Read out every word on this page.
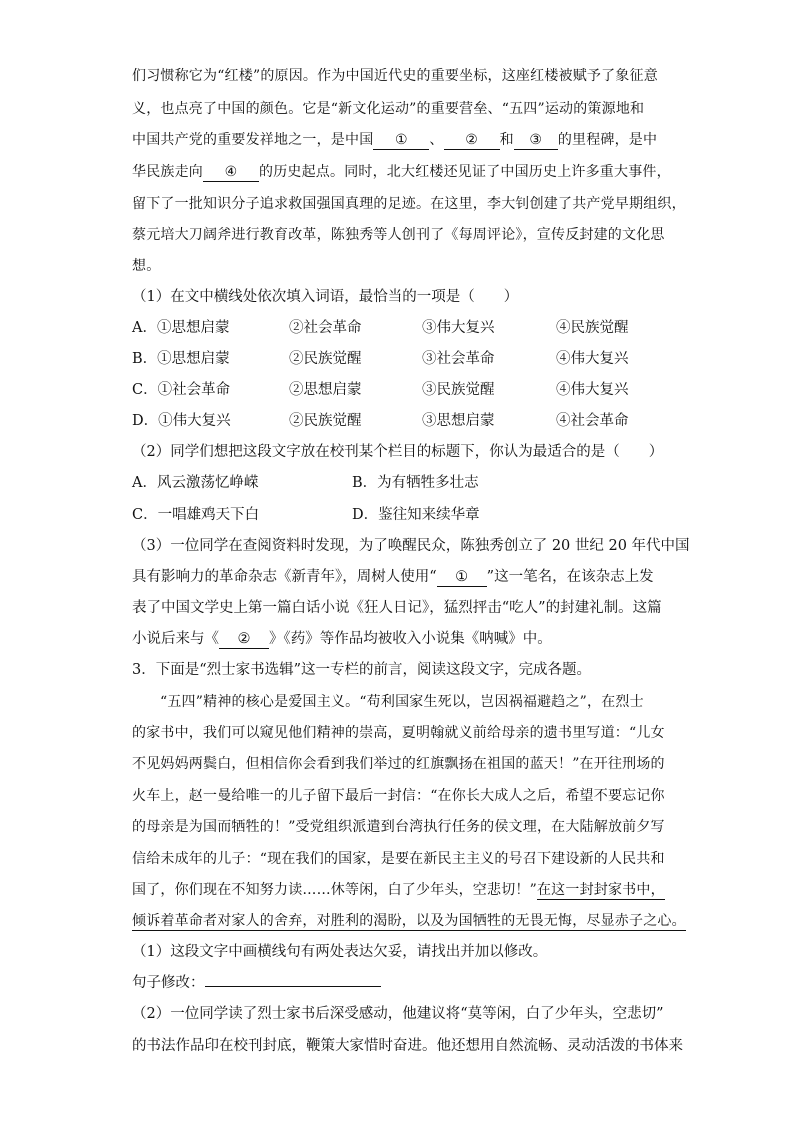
们习惯称它为“红楼”的原因。作为中国近代史的重要坐标，这座红楼被赋予了象征意
义，也点亮了中国的颜色。它是“新文化运动”的重要营垒、“五四”运动的策源地和
中国共产党的重要发祥地之一，是中国 ① 、 ② 和 ③ 的里程碑，是中
华民族走向 ④ 的历史起点。同时，北大红楼还见证了中国历史上许多重大事件，
留下了一批知识分子追求救国强国真理的足迹。在这里，李大钊创建了共产党早期组织，
蔡元培大刀阔斧进行教育改革，陈独秀等人创刊了《每周评论》，宣传反封建的文化思
想。
（1）在文中横线处依次填入词语，最恰当的一项是（　　）
A．①思想启蒙	②社会革命	③伟大复兴	④民族觉醒
B．①思想启蒙	②民族觉醒	③社会革命	④伟大复兴
C．①社会革命	②思想启蒙	③民族觉醒	④伟大复兴
D．①伟大复兴	②民族觉醒	③思想启蒙	④社会革命
（2）同学们想把这段文字放在校刊某个栏目的标题下，你认为最适合的是（　　）
A．风云激荡忆峥嵘	B．为有牺牲多壮志
C．一唱雄鸡天下白	D．鉴往知来续华章
（3）一位同学在查阅资料时发现，为了唤醒民众，陈独秀创立了 20 世纪 20 年代中国
具有影响力的革命杂志《新青年》，周树人使用“ ① ”这一笔名，在该杂志上发
表了中国文学史上第一篇白话小说《狂人日记》，猛烈抨击“吃人”的封建礼制。这篇
小说后来与《 ② 》《药》等作品均被收入小说集《呐喊》中。
3．下面是“烈士家书选辑”这一专栏的前言，阅读这段文字，完成各题。
“五四”精神的核心是爱国主义。“苟利国家生死以，岂因祸福避趋之”，在烈士
的家书中，我们可以窥见他们精神的崇高，夏明翰就义前给母亲的遗书里写道：“儿女
不见妈妈两鬓白，但相信你会看到我们举过的红旗飘扬在祖国的蓝天！”在开往刑场的
火车上，赵一曼给唯一的儿子留下最后一封信：“在你长大成人之后，希望不要忘记你
的母亲是为国而牺牲的！”受党组织派遣到台湾执行任务的侯文理，在大陆解放前夕写
信给未成年的儿子：“现在我们的国家，是要在新民主主义的号召下建设新的人民共和
国了，你们现在不知努力读……休等闲，白了少年头，空悲切！”在这一封封家书中，
倾诉着革命者对家人的舍弃，对胜利的渴盼，以及为国牺牲的无畏无悔，尽显赤子之心。
（1）这段文字中画横线句有两处表达欠妥，请找出并加以修改。
句子修改：
（2）一位同学读了烈士家书后深受感动，他建议将“莫等闲，白了少年头，空悲切”
的书法作品印在校刊封底，鞭策大家惜时奋进。他还想用自然流畅、灵动活泼的书体来
